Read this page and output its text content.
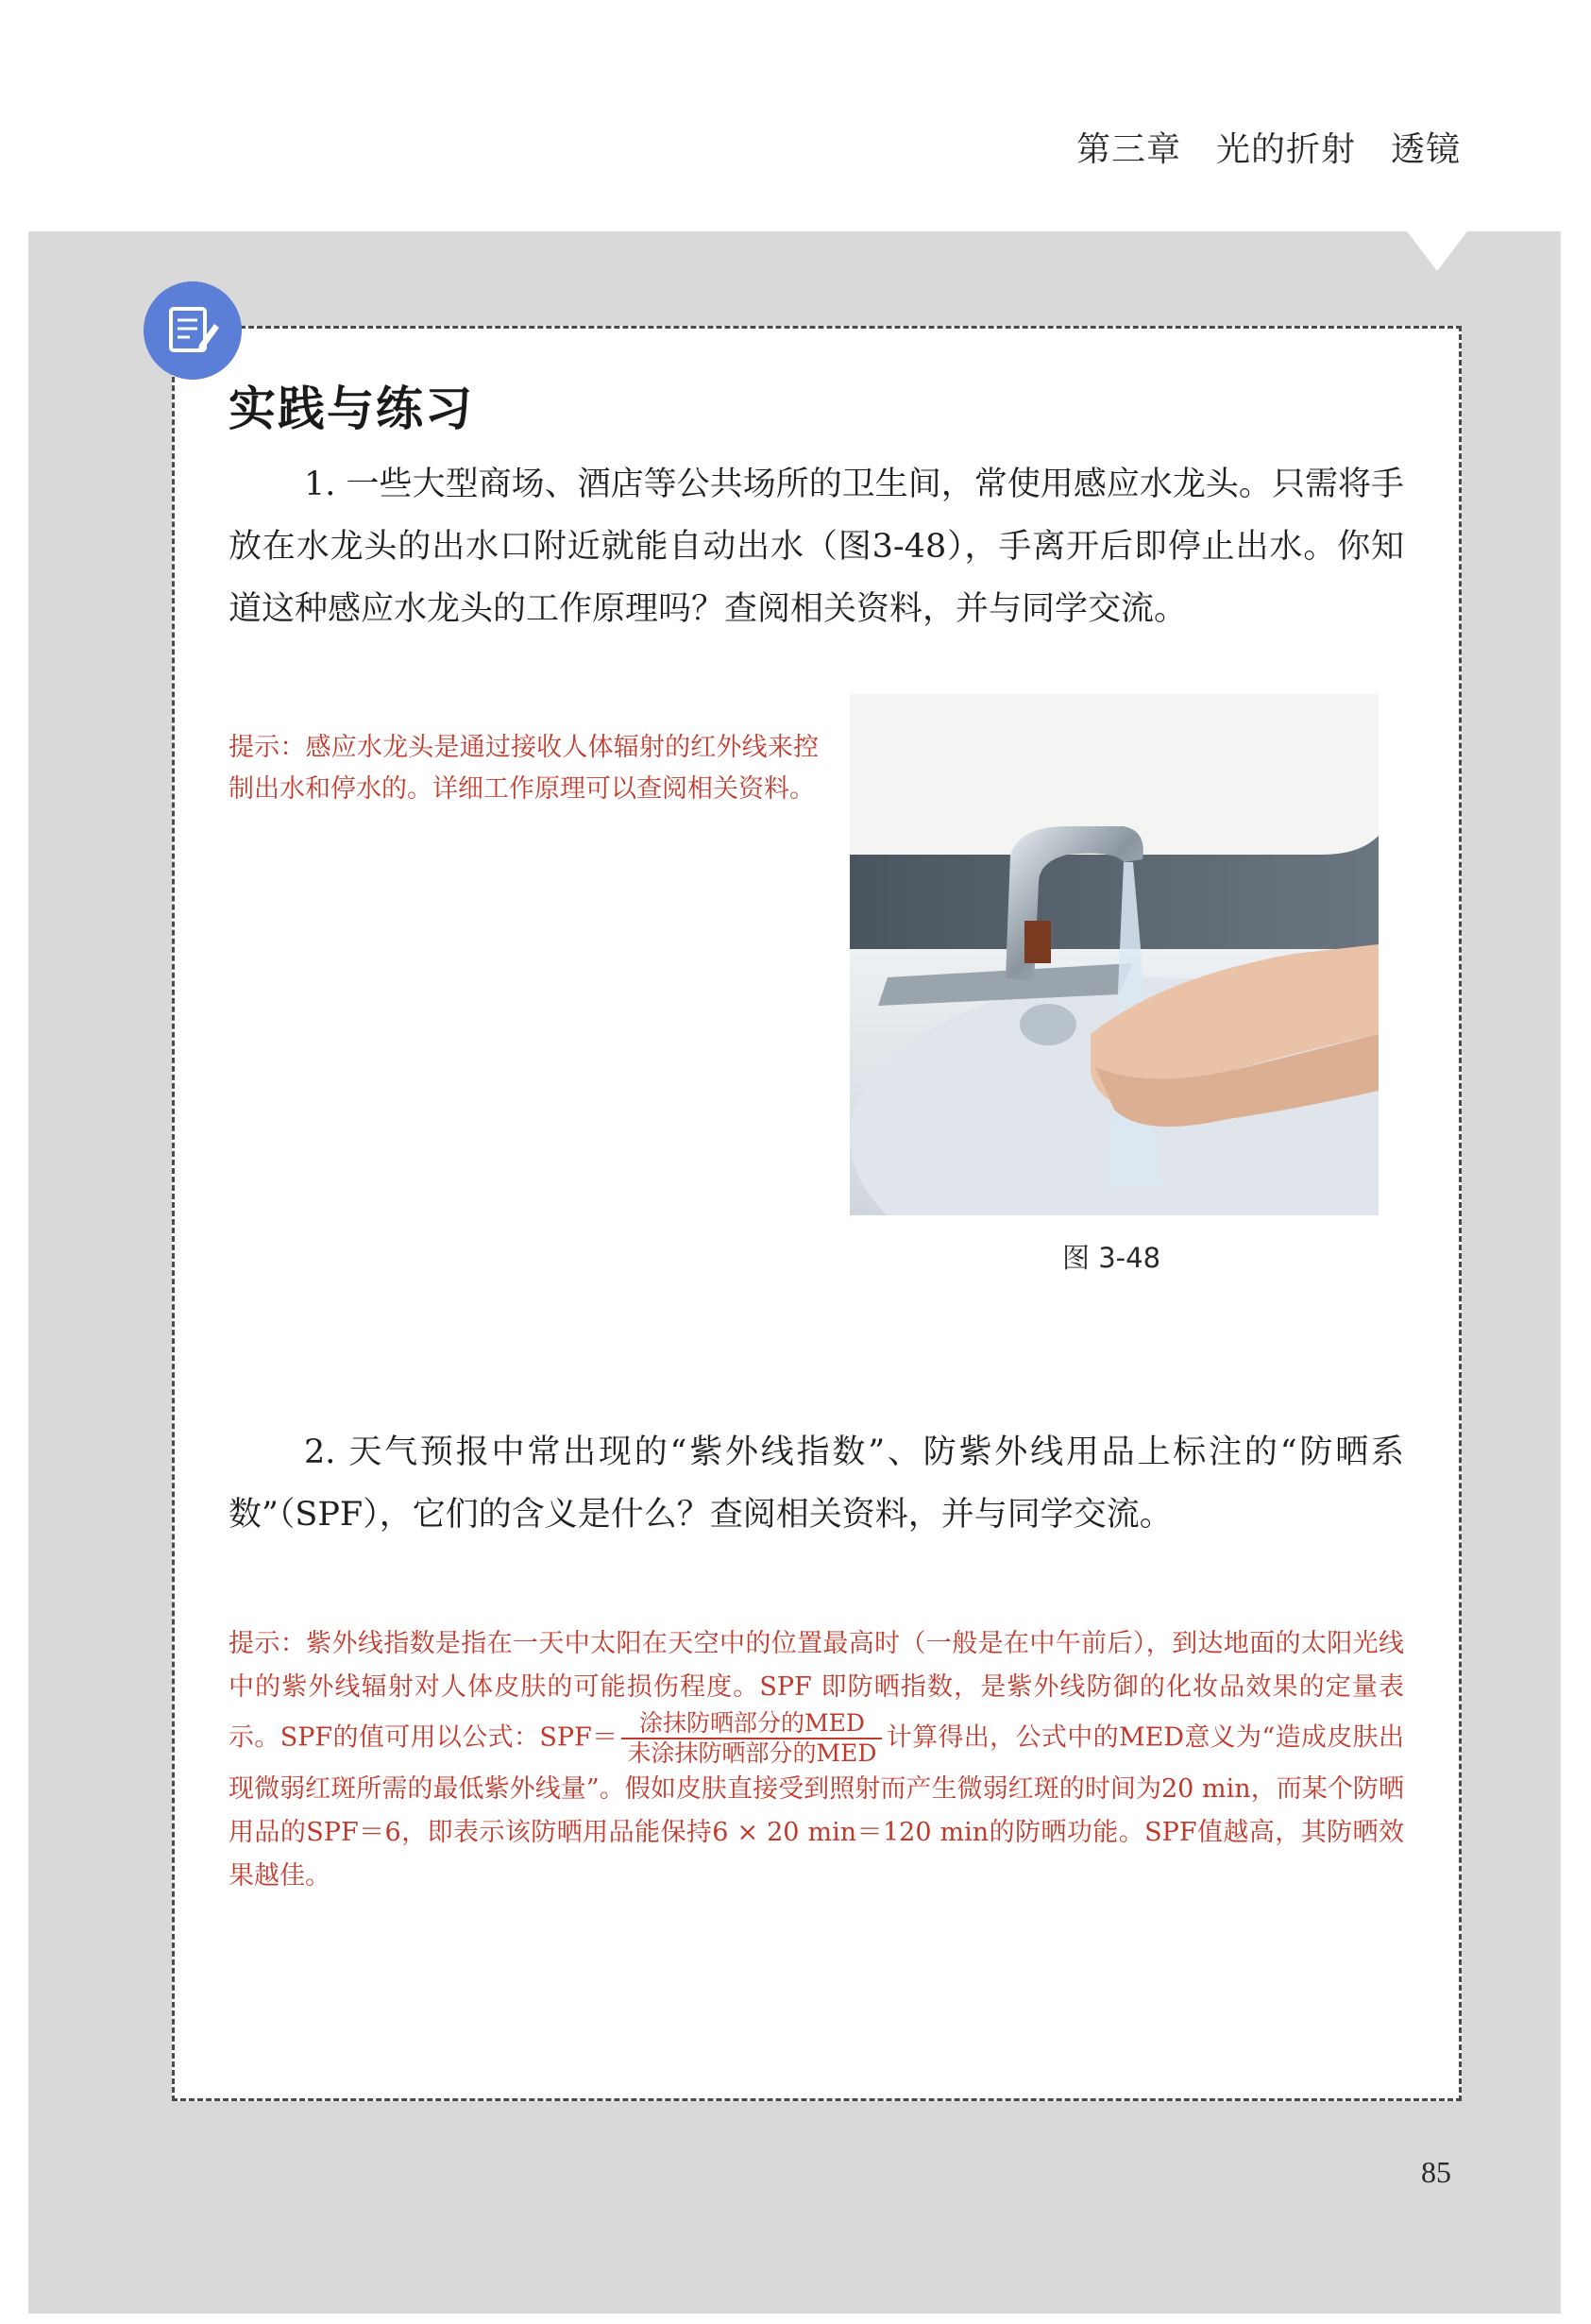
第三章　光的折射　透镜
实践与练习

1. 一些大型商场、酒店等公共场所的卫生间，常使用感应水龙头。只需将手放在水龙头的出水口附近就能自动出水（图3-48），手离开后即停止出水。你知道这种感应水龙头的工作原理吗？查阅相关资料，并与同学交流。

提示：感应水龙头是通过接收人体辐射的红外线来控制出水和停水的。详细工作原理可以查阅相关资料。

图 3-48

2. 天气预报中常出现的“紫外线指数”、防紫外线用品上标注的“防晒系数”（SPF），它们的含义是什么？查阅相关资料，并与同学交流。

提示：紫外线指数是指在一天中太阳在天空中的位置最高时（一般是在中午前后），到达地面的太阳光线中的紫外线辐射对人体皮肤的可能损伤程度。SPF 即防晒指数，是紫外线防御的化妆品效果的定量表示。SPF的值可用以公式：$SPF= \frac{\text{涂抹防晒部分的MED}}{\text{未涂抹防晒部分的MED}}$ 计算得出，公式中的MED意义为“造成皮肤出现微弱红斑所需的最低紫外线量”。假如皮肤直接受到照射而产生微弱红斑的时间为20 min，而某个防晒用品的SPF＝6，即表示该防晒用品能保持6 × 20 min＝120 min的防晒功能。SPF值越高，其防晒效果越佳。

85
